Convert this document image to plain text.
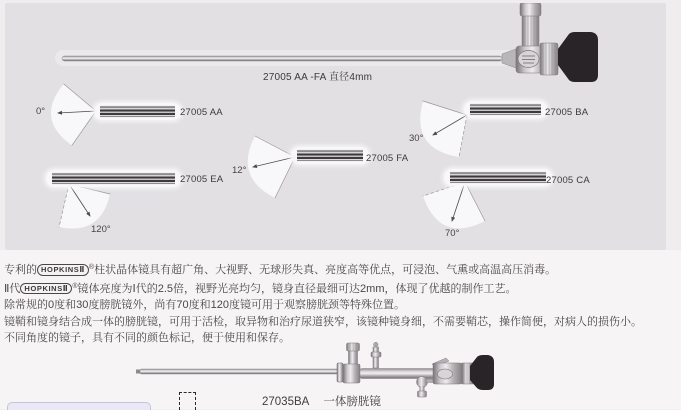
27005 AA -FA 直径4mm
27005 AA
0°
27005 FA
12°
27005 BA
30°
27005 EA
120°
27005 CA
70°

专利的 HOPKINSⅡ ®柱状晶体镜具有超广角、大视野、无球形失真、亮度高等优点，可浸泡、气熏或高温高压消毒。

Ⅱ代 HOPKINSⅡ ®镜体亮度为Ⅰ代的2.5倍，视野光亮均匀，镜身直径最细可达2mm，体现了优越的制作工艺。

除常规的0度和30度膀胱镜外，尚有70度和120度镜可用于观察膀胱颈等特殊位置。

镜鞘和镜身结合成一体的膀胱镜，可用于活检，取异物和治疗尿道狭窄，该镜种镜身细，不需要鞘芯，操作简便，对病人的损伤小。

不同角度的镜子，具有不同的颜色标记，便于使用和保存。

27035BA 一体膀胱镜
